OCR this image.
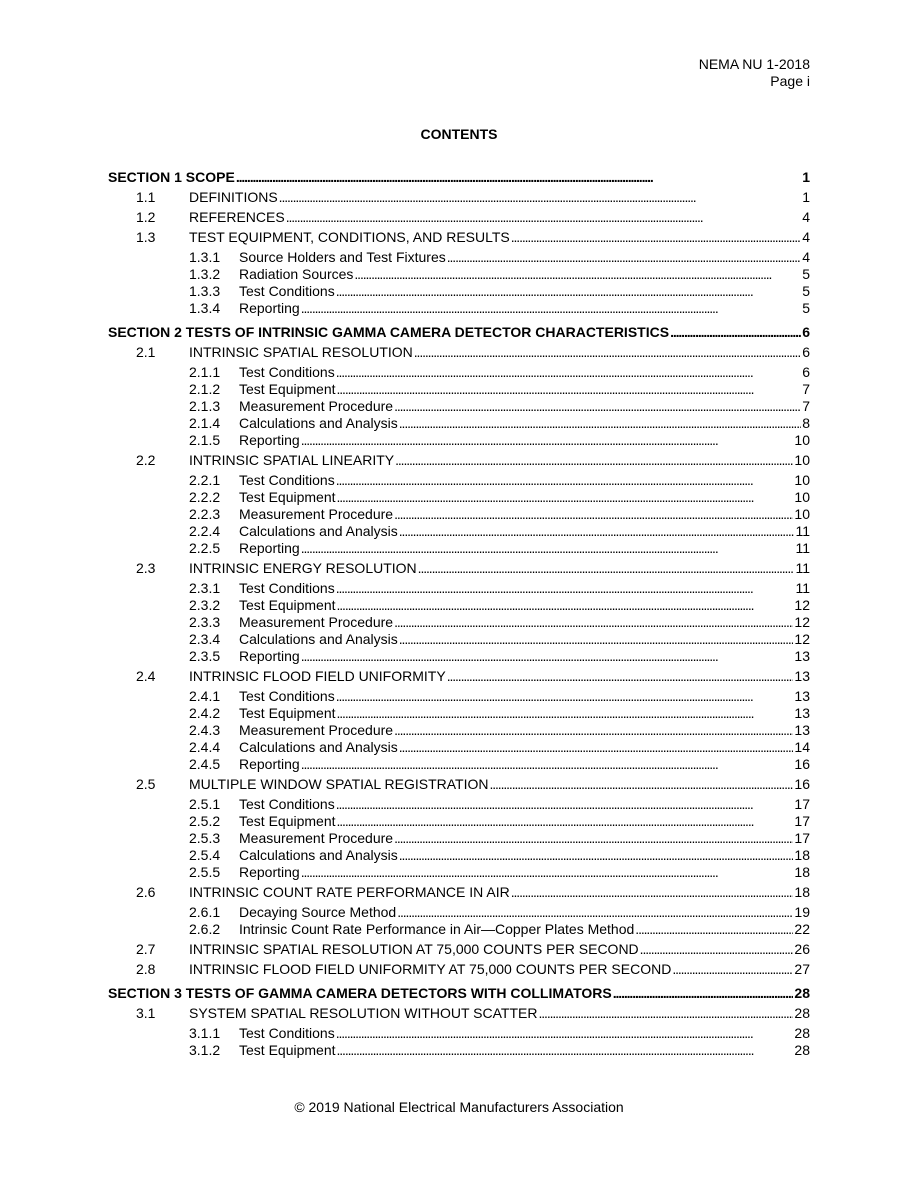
NEMA NU 1-2018
Page i
CONTENTS
SECTION 1 SCOPE . . .	1
1.1 DEFINITIONS . . .	1
1.2 REFERENCES . . .	4
1.3 TEST EQUIPMENT, CONDITIONS, AND RESULTS . . .	4
1.3.1 Source Holders and Test Fixtures . . .	4
1.3.2 Radiation Sources . . .	5
1.3.3 Test Conditions . . .	5
1.3.4 Reporting . . .	5
SECTION 2 TESTS OF INTRINSIC GAMMA CAMERA DETECTOR CHARACTERISTICS . . .	6
2.1 INTRINSIC SPATIAL RESOLUTION . . .	6
2.1.1 Test Conditions . . .	6
2.1.2 Test Equipment . . .	7
2.1.3 Measurement Procedure . . .	7
2.1.4 Calculations and Analysis . . .	8
2.1.5 Reporting . . .	10
2.2 INTRINSIC SPATIAL LINEARITY . . .	10
2.2.1 Test Conditions . . .	10
2.2.2 Test Equipment . . .	10
2.2.3 Measurement Procedure . . .	10
2.2.4 Calculations and Analysis . . .	11
2.2.5 Reporting . . .	11
2.3 INTRINSIC ENERGY RESOLUTION . . .	11
2.3.1 Test Conditions . . .	11
2.3.2 Test Equipment . . .	12
2.3.3 Measurement Procedure . . .	12
2.3.4 Calculations and Analysis . . .	12
2.3.5 Reporting . . .	13
2.4 INTRINSIC FLOOD FIELD UNIFORMITY . . .	13
2.4.1 Test Conditions . . .	13
2.4.2 Test Equipment . . .	13
2.4.3 Measurement Procedure . . .	13
2.4.4 Calculations and Analysis . . .	14
2.4.5 Reporting . . .	16
2.5 MULTIPLE WINDOW SPATIAL REGISTRATION . . .	16
2.5.1 Test Conditions . . .	17
2.5.2 Test Equipment . . .	17
2.5.3 Measurement Procedure . . .	17
2.5.4 Calculations and Analysis . . .	18
2.5.5 Reporting . . .	18
2.6 INTRINSIC COUNT RATE PERFORMANCE IN AIR . . .	18
2.6.1 Decaying Source Method . . .	19
2.6.2 Intrinsic Count Rate Performance in Air—Copper Plates Method . . .	22
2.7 INTRINSIC SPATIAL RESOLUTION AT 75,000 COUNTS PER SECOND . . .	26
2.8 INTRINSIC FLOOD FIELD UNIFORMITY AT 75,000 COUNTS PER SECOND . . .	27
SECTION 3 TESTS OF GAMMA CAMERA DETECTORS WITH COLLIMATORS . . .	28
3.1 SYSTEM SPATIAL RESOLUTION WITHOUT SCATTER . . .	28
3.1.1 Test Conditions . . .	28
3.1.2 Test Equipment . . .	28
© 2019 National Electrical Manufacturers Association
